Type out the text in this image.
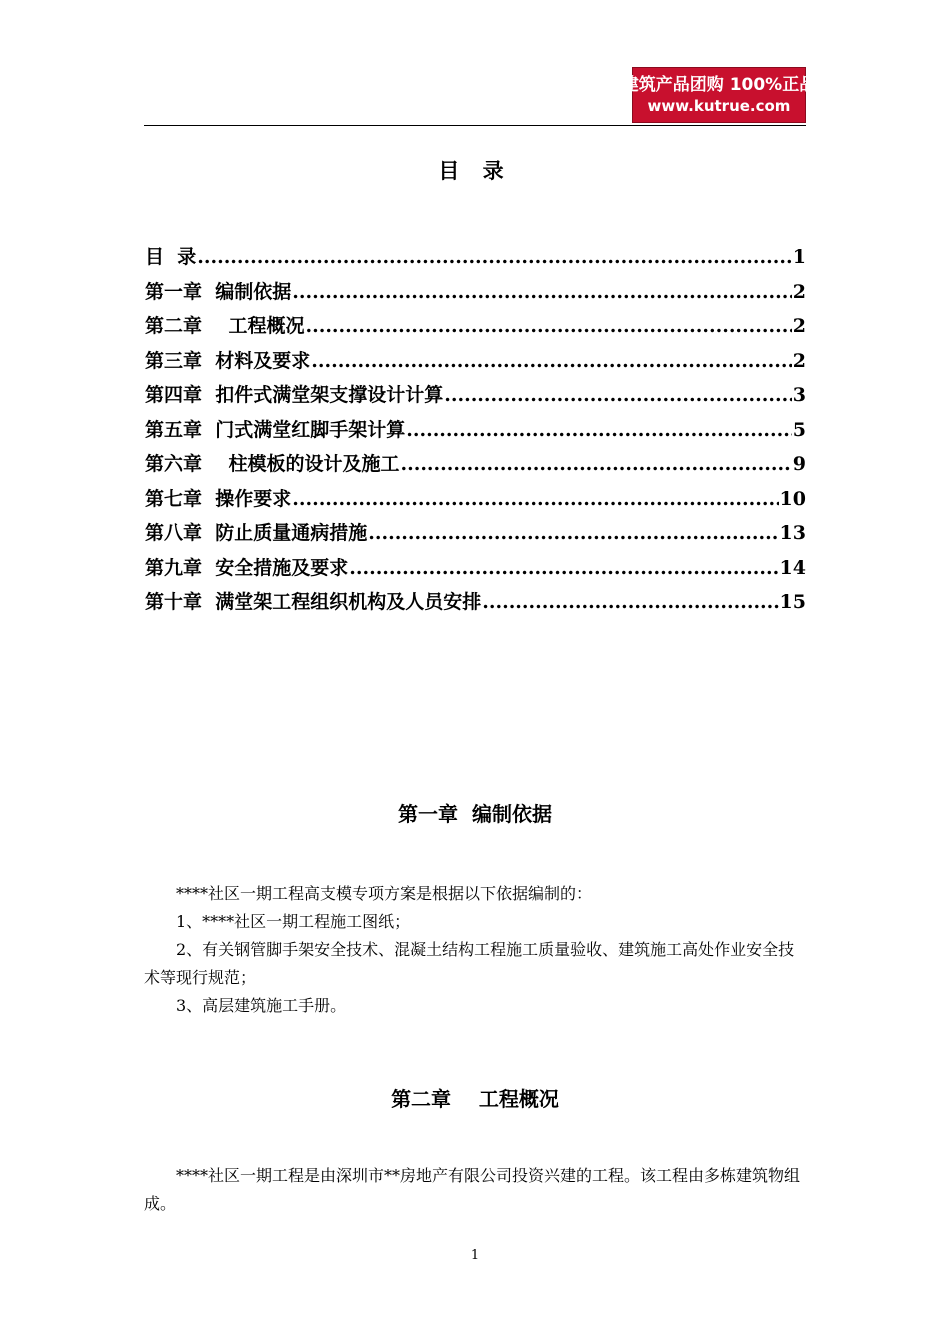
建筑产品团购 100%正品
www.kutrue.com
目 录
目  录 .....	1
第一章  编制依据 .....	2
第二章    工程概况 .....	2
第三章  材料及要求 .....	2
第四章  扣件式满堂架支撑设计计算 .....	3
第五章  门式满堂红脚手架计算 .....	5
第六章    柱模板的设计及施工 .....	9
第七章  操作要求 .....	10
第八章  防止质量通病措施 .....	13
第九章  安全措施及要求 .....	14
第十章  满堂架工程组织机构及人员安排 .....	15
第一章  编制依据

****社区一期工程高支模专项方案是根据以下依据编制的：

1、****社区一期工程施工图纸；

2、有关钢管脚手架安全技术、混凝土结构工程施工质量验收、建筑施工高处作业安全技术等现行规范；

3、高层建筑施工手册。

第二章    工程概况

****社区一期工程是由深圳市**房地产有限公司投资兴建的工程。该工程由多栋建筑物组成。

1
